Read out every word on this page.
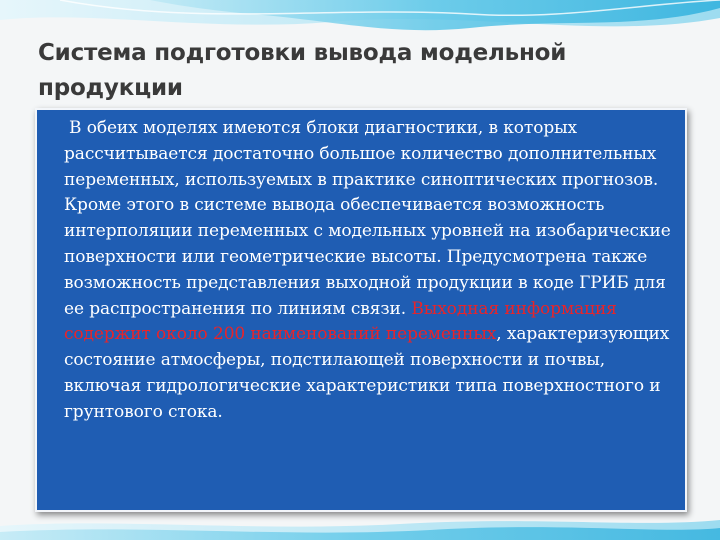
Система подготовки вывода модельной продукции

В обеих моделях имеются блоки диагностики, в которых рассчитывается достаточно большое количество дополнительных переменных, используемых в практике синоптических прогнозов. Кроме этого в системе вывода обеспечивается возможность интерполяции переменных с модельных уровней на изобарические поверхности или геометрические высоты. Предусмотрена также возможность представления выходной продукции в коде ГРИБ для ее распространения по линиям связи. Выходная информация содержит около 200 наименований переменных, характеризующих состояние атмосферы, подстилающей поверхности и почвы, включая гидрологические характеристики типа поверхностного и грунтового стока.
